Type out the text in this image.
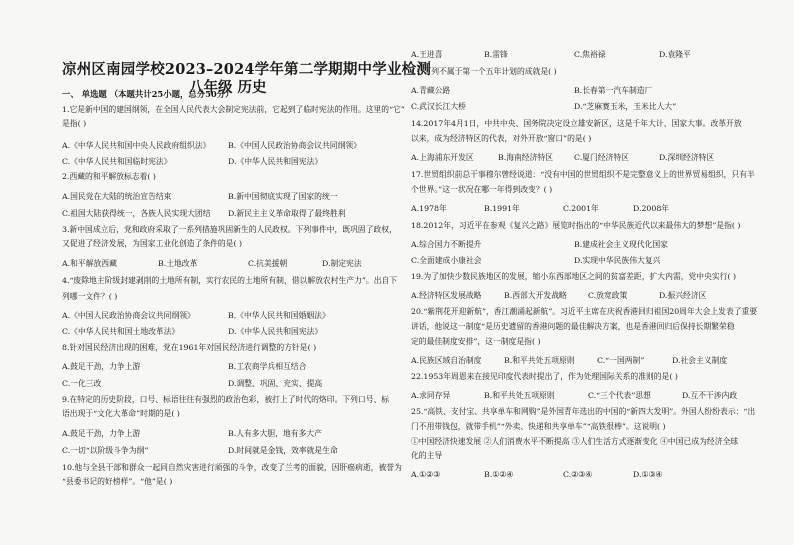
凉州区南园学校2023–2024学年第二学期期中学业检测
八年级 历史
一、 单选题 （本题共计25小题，总分50分）
1.它是新中国的建国纲领，在全国人民代表大会制定宪法前，它起到了临时宪法的作用。这里的“它”
是指( )
A.《中华人民共和国中央人民政府组织法》 B.《中国人民政治协商会议共同纲领》
C.《中华人民共和国临时宪法》	D.《中华人民共和国宪法》
2.西藏的和平解放标志着( )
A.国民党在大陆的统治宣告结束	B.新中国彻底实现了国家的统一
C.祖国大陆获得统一，各族人民实现大团结 D.新民主主义革命取得了最终胜利
3.新中国成立后，党和政府采取了一系列措施巩固新生的人民政权。下列事件中，既巩固了政权，
又促进了经济发展，为国家工业化创造了条件的是( )
A.和平解放西藏	B.土地改革	C.抗美援朝	D.制定宪法
4.“废除地主阶级封建剥削的土地所有制，实行农民的土地所有制，借以解放农村生产力”。出自下
列哪一文件？( )
A.《中国人民政治协商会议共同纲领》	B.《中华人民共和国婚姻法》
C.《中华人民共和国土地改革法》	D.《中华人民共和国宪法》
8.针对国民经济出现的困难，党在1961年对国民经济进行调整的方针是( )
A.鼓足干劲，力争上游	B.工农商学兵相互结合
C.一化三改	D.调整、巩固、充实、提高
9.在特定的历史阶段，口号、标语往往有强烈的政治色彩，被打上了时代的烙印。下列口号、标
语出现于“文化大革命”时期的是( )
A.鼓足干劲，力争上游	B.人有多大胆，地有多大产
C.一切“以阶级斗争为纲”	D.时间就是金钱，效率就是生命
10.他与全县干部和群众一起同自然灾害进行顽强的斗争，改变了兰考的面貌，因肝癌病逝，被誉为
“县委书记的好榜样”。“他”是( )
A.王进喜	B.雷锋	C.焦裕禄	D.袁隆平
11.下列不属于第一个五年计划的成就是( )
A.青藏公路	B.长春第一汽车制造厂
C.武汉长江大桥	D.“芝麻赛玉米，玉米比人大”
14.2017年4月1日，中共中央、国务院决定设立雄安新区，这是千年大计、国家大事。改革开放
以来，成为经济特区的代表，对外开放“窗口”的是( )
A.上海浦东开发区	B.海南经济特区	C.厦门经济特区	D.深圳经济特区
17.世贸组织前总干事穆尔曾经说道：“没有中国的世贸组织不是完整意义上的世界贸易组织，只有半
个世界。”这一状况在哪一年得到改变？( )
A.1978年	B.1991年	C.2001年	D.2008年
18.2012年，习近平在参观《复兴之路》展览时指出的“中华民族近代以来最伟大的梦想”是指( )
A.综合国力不断提升	B.建成社会主义现代化国家
C.全面建成小康社会	D.实现中华民族伟大复兴
19.为了加快少数民族地区的发展，缩小东西部地区之间的贫富差距，扩大内需，党中央实行( )
A.经济特区发展战略	B.西部大开发战略	C.放宽政策	D.振兴经济区
20.“紫荆花开迎新航”，香江潮涌起新航”。习近平主席在庆祝香港回归祖国20周年大会上发表了重要
讲话，他说这一制度“是历史遗留的香港问题的最佳解决方案，也是香港回归后保持长期繁荣稳
定的最佳制度安排”，这一制度是指( )
A.民族区域自治制度	B.和平共处五项原则	C.“一国两制”	D.社会主义制度
22.1953年周恩来在接见印度代表时提出了，作为处理国际关系的准则的是( )
A.求同存异	B.和平共处五项原则	C.“三个代表”思想	D.互不干涉内政
25.“高铁、支付宝、共享单车和网购”是外国青年选出的中国的“新四大发明”。外国人纷纷表示：“出
门不用带钱包，就带手机”“外卖、快递和共享单车”“高铁很棒”。这说明( )
①中国经济快速发展 ②人们消费水平不断提高 ③人们生活方式逐渐变化 ④中国已成为经济全球
化的主导
A.①②③	B.①②④	C.②③④	D.①③④
